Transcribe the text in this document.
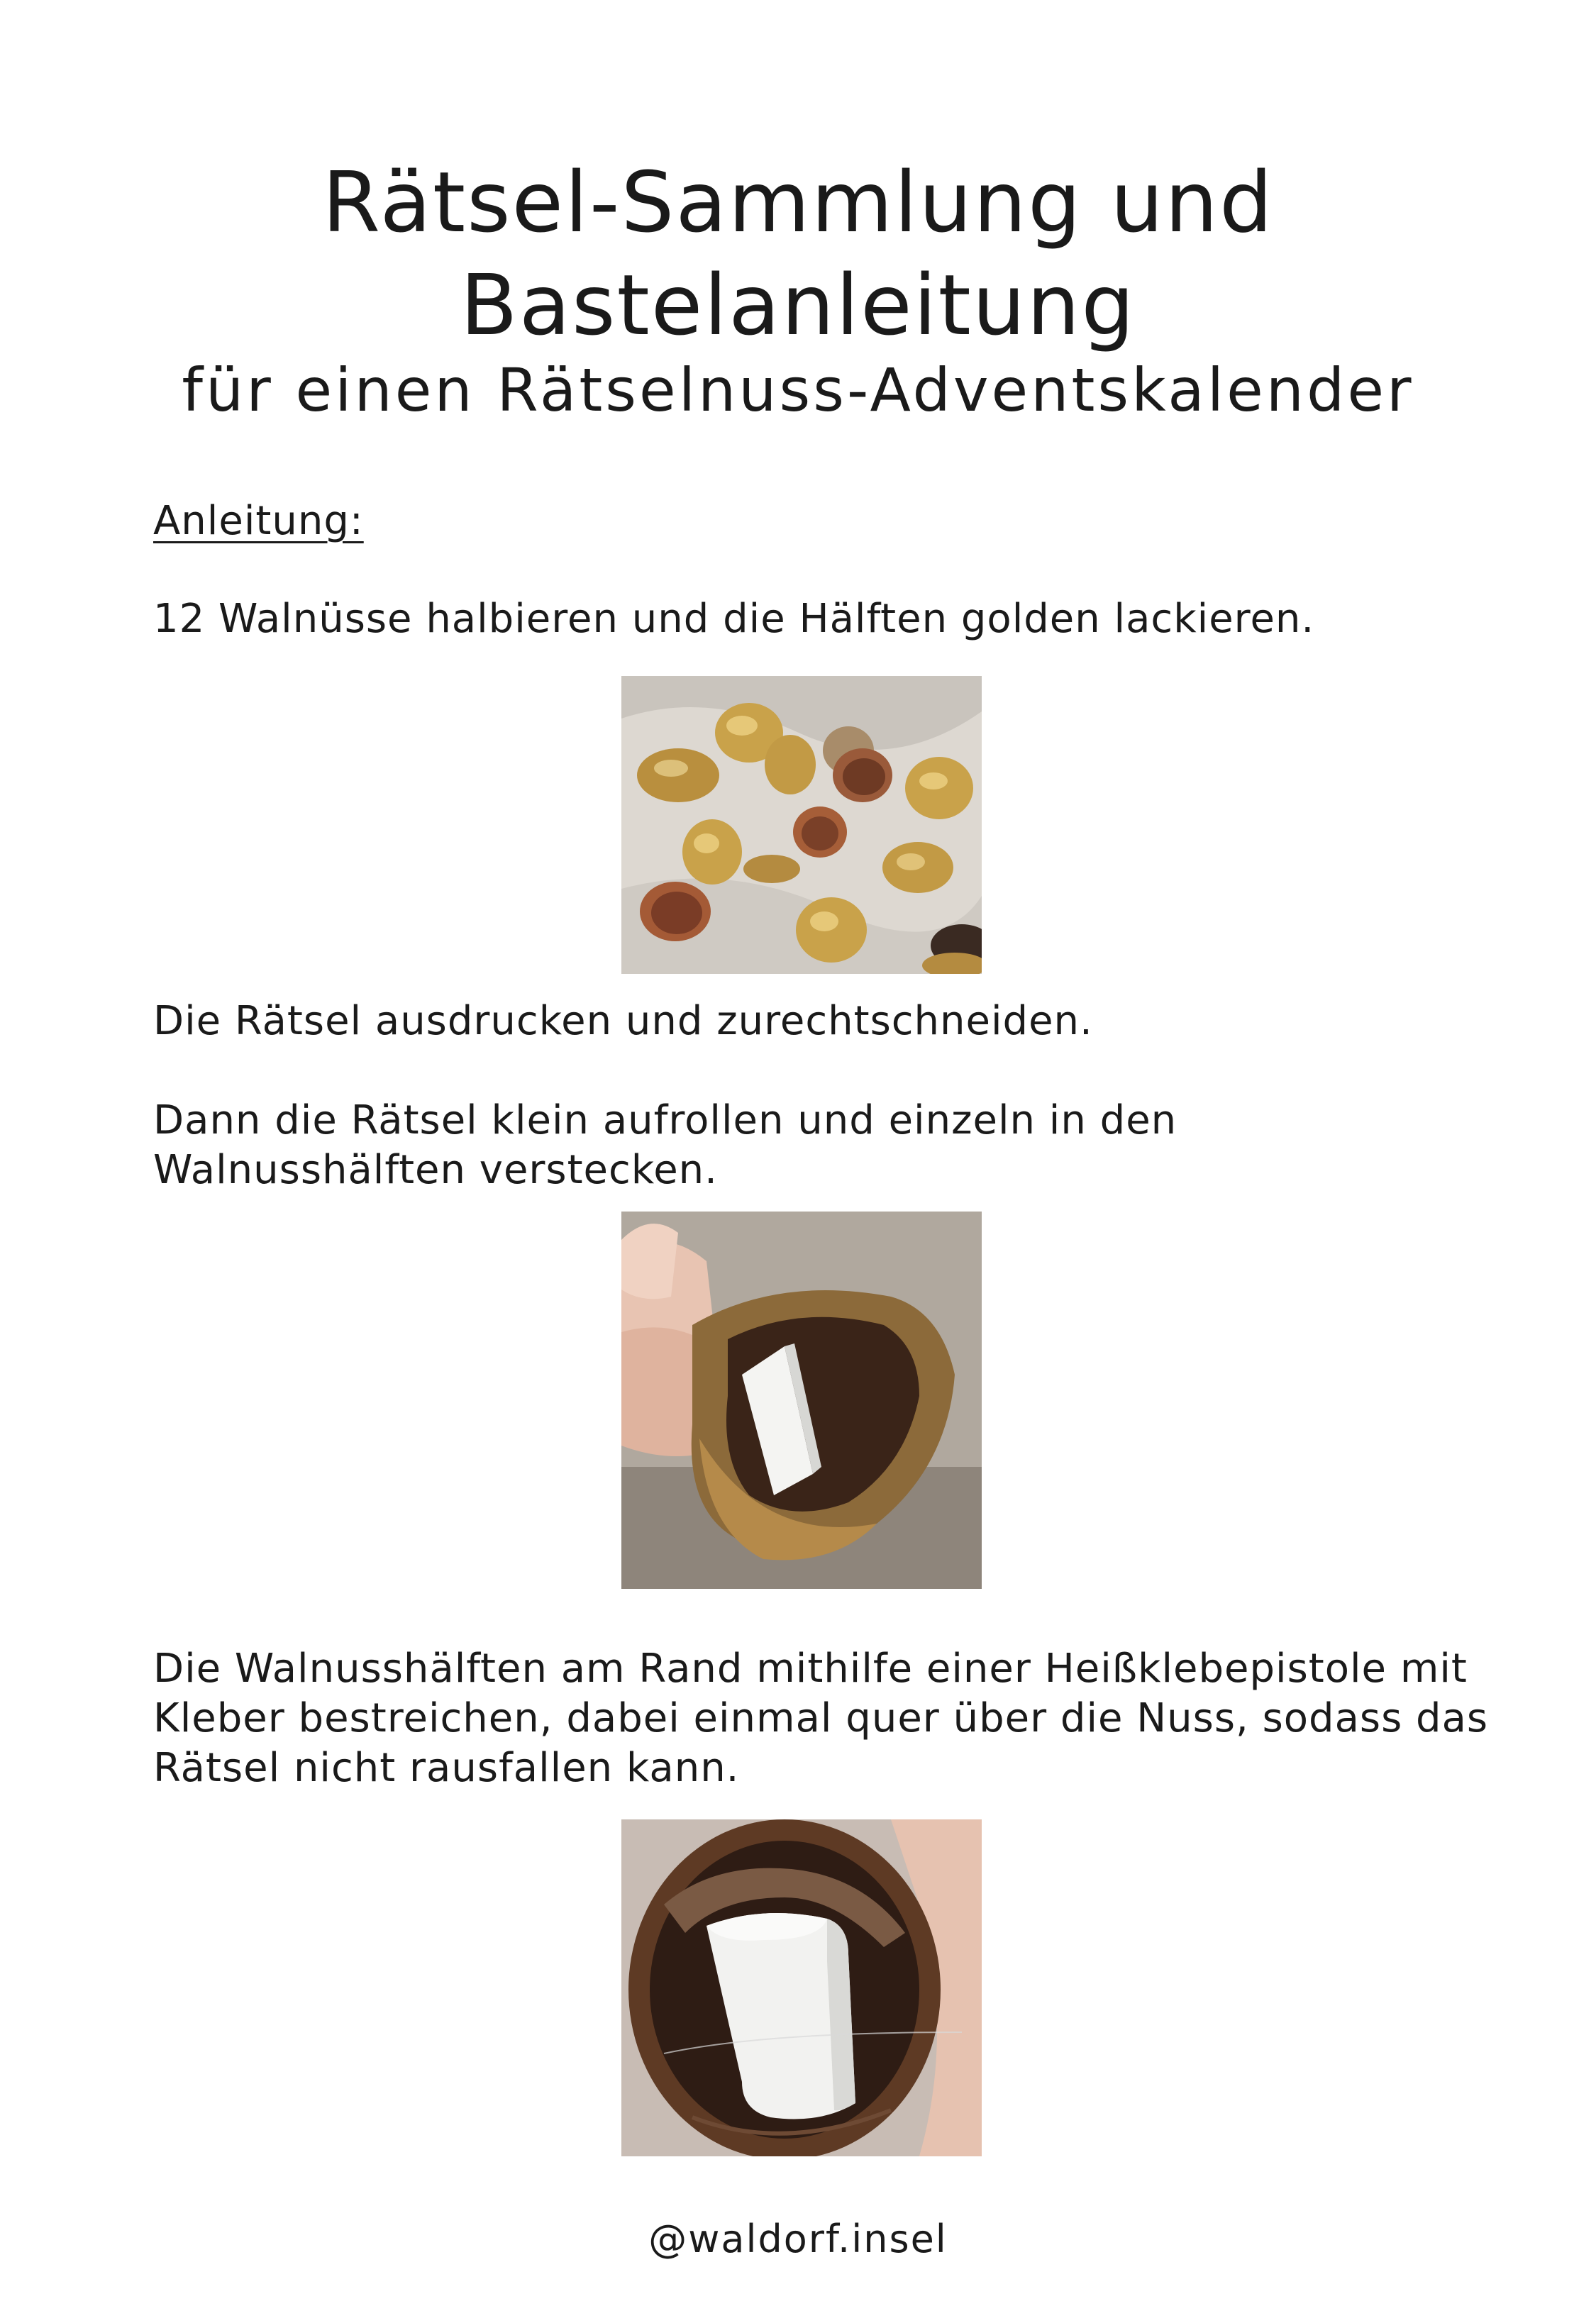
Rätsel-Sammlung und
Bastelanleitung
für einen Rätselnuss-Adventskalender

Anleitung:

12 Walnüsse halbieren und die Hälften golden lackieren.

Die Rätsel ausdrucken und zurechtschneiden.

Dann die Rätsel klein aufrollen und einzeln in den

Walnusshälften verstecken.

Die Walnusshälften am Rand mithilfe einer Heißklebepistole mit

Kleber bestreichen, dabei einmal quer über die Nuss, sodass das

Rätsel nicht rausfallen kann.

@waldorf.insel
